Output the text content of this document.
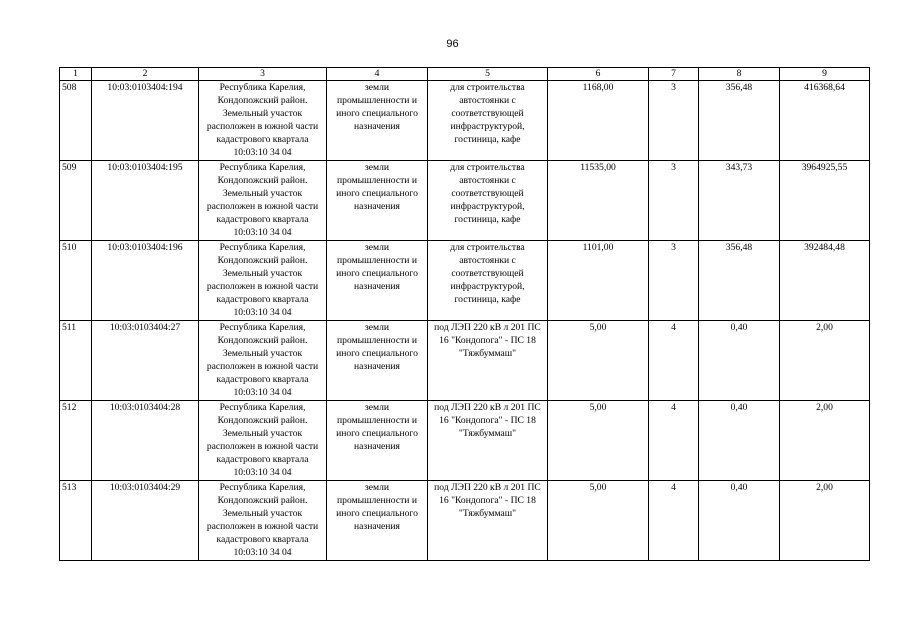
96
1	2	3	4	5	6	7	8	9
508	10:03:0103404:194	Республика Карелия, Кондопожский район. Земельный участок расположен в южной части кадастрового квартала 10:03:10 34 04	земли промышленности и иного специального назначения	для строительства автостоянки с соответствующей инфраструктурой, гостиница, кафе	1168,00	3	356,48	416368,64
509	10:03:0103404:195	Республика Карелия, Кондопожский район. Земельный участок расположен в южной части кадастрового квартала 10:03:10 34 04	земли промышленности и иного специального назначения	для строительства автостоянки с соответствующей инфраструктурой, гостиница, кафе	11535,00	3	343,73	3964925,55
510	10:03:0103404:196	Республика Карелия, Кондопожский район. Земельный участок расположен в южной части кадастрового квартала 10:03:10 34 04	земли промышленности и иного специального назначения	для строительства автостоянки с соответствующей инфраструктурой, гостиница, кафе	1101,00	3	356,48	392484,48
511	10:03:0103404:27	Республика Карелия, Кондопожский район. Земельный участок расположен в южной части кадастрового квартала 10:03:10 34 04	земли промышленности и иного специального назначения	под ЛЭП 220 кВ л 201 ПС 16 "Кондопога" - ПС 18 "Тяжбуммаш"	5,00	4	0,40	2,00
512	10:03:0103404:28	Республика Карелия, Кондопожский район. Земельный участок расположен в южной части кадастрового квартала 10:03:10 34 04	земли промышленности и иного специального назначения	под ЛЭП 220 кВ л 201 ПС 16 "Кондопога" - ПС 18 "Тяжбуммаш"	5,00	4	0,40	2,00
513	10:03:0103404:29	Республика Карелия, Кондопожский район. Земельный участок расположен в южной части кадастрового квартала 10:03:10 34 04	земли промышленности и иного специального назначения	под ЛЭП 220 кВ л 201 ПС 16 "Кондопога" - ПС 18 "Тяжбуммаш"	5,00	4	0,40	2,00
